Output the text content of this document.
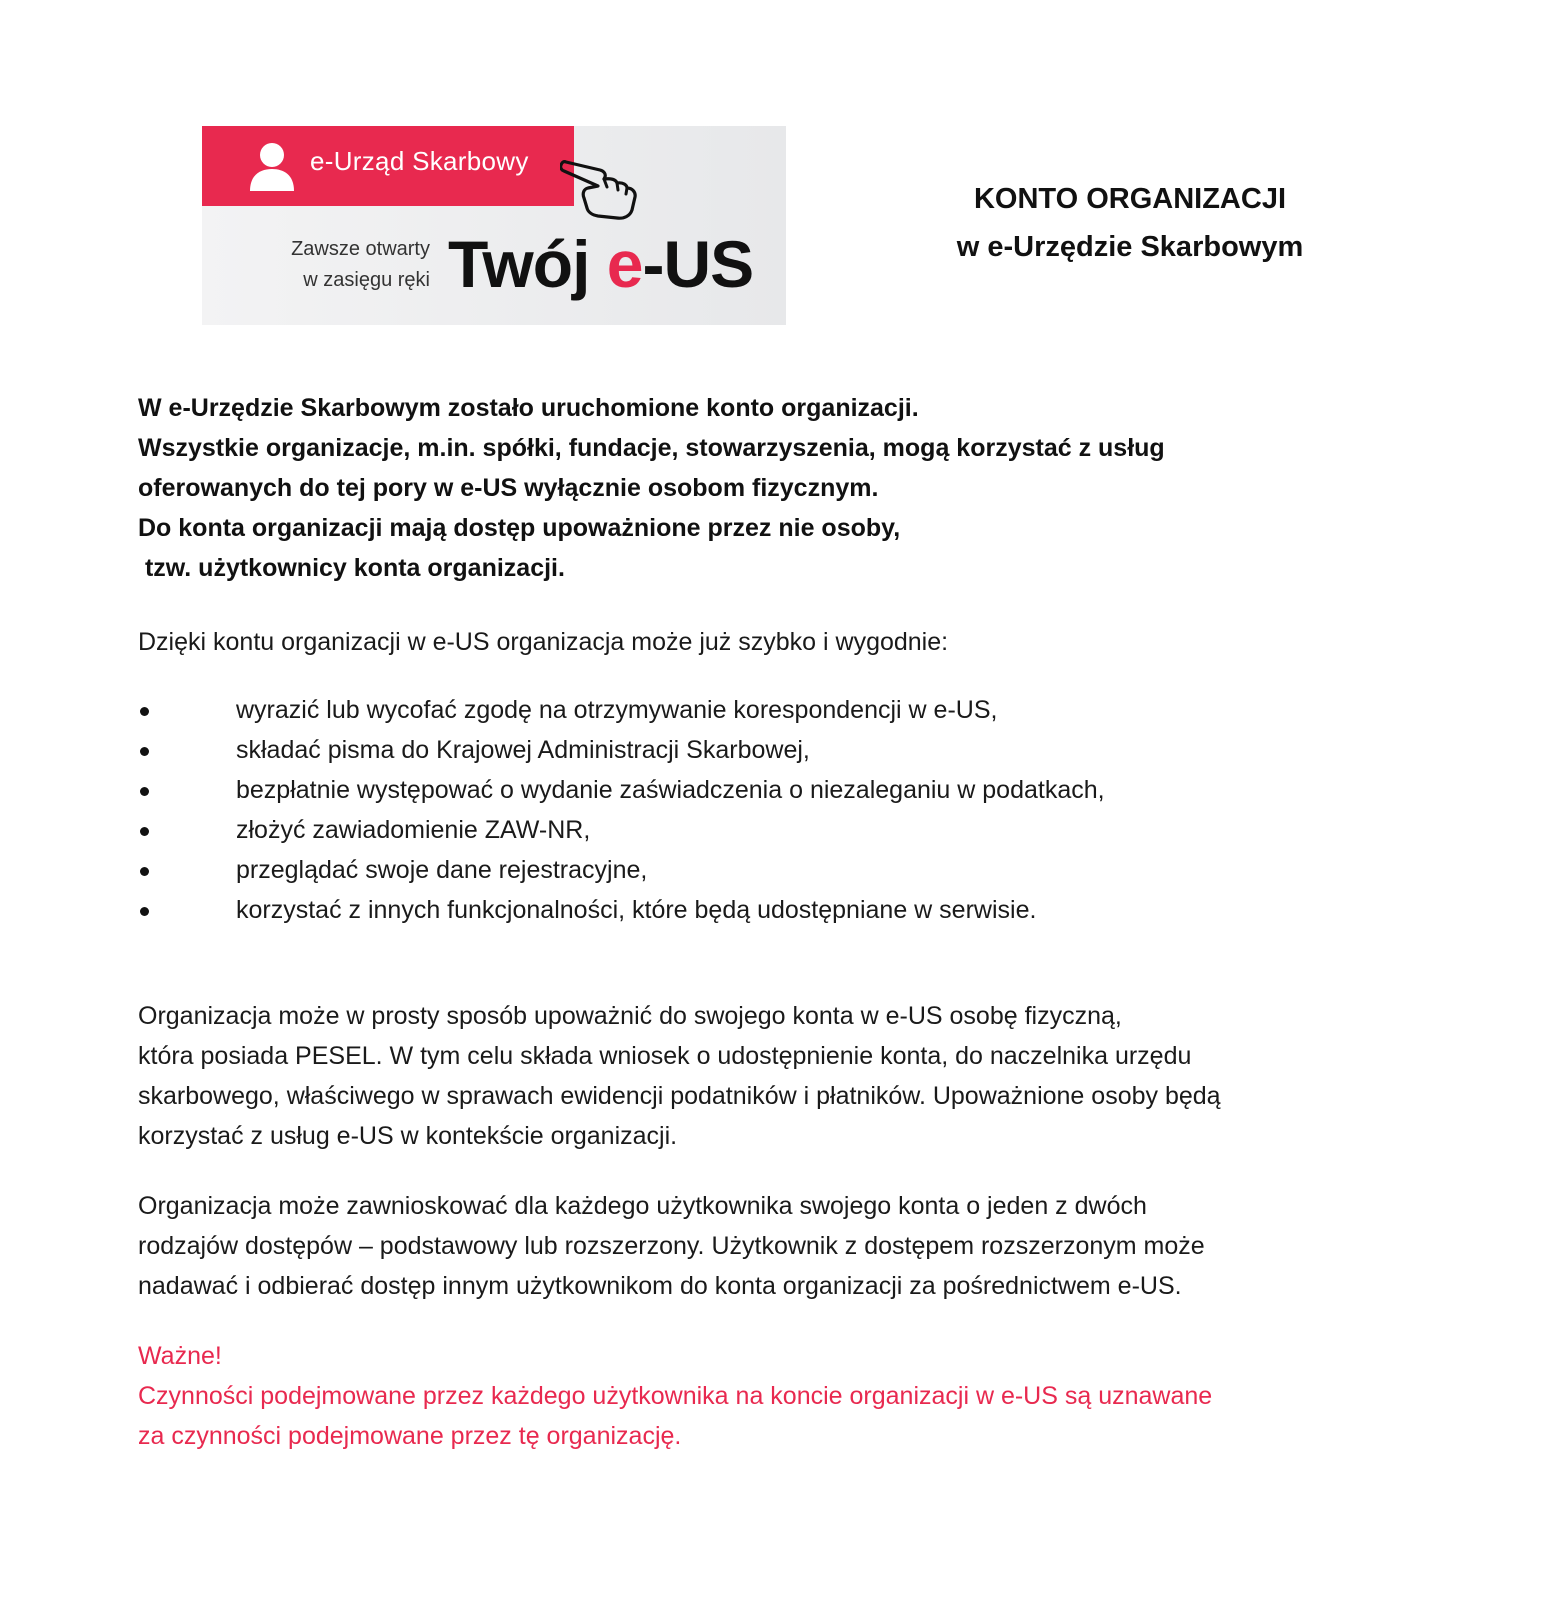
e-Urząd Skarbowy
Zawsze otwarty
w zasięgu ręki Twój e-US
KONTO ORGANIZACJI
w e-Urzędzie Skarbowym
W e-Urzędzie Skarbowym zostało uruchomione konto organizacji.
Wszystkie organizacje, m.in. spółki, fundacje, stowarzyszenia, mogą korzystać z usług
oferowanych do tej pory w e-US wyłącznie osobom fizycznym.
Do konta organizacji mają dostęp upoważnione przez nie osoby,
tzw. użytkownicy konta organizacji.
Dzięki kontu organizacji w e-US organizacja może już szybko i wygodnie:
wyrazić lub wycofać zgodę na otrzymywanie korespondencji w e-US,
składać pisma do Krajowej Administracji Skarbowej,
bezpłatnie występować o wydanie zaświadczenia o niezaleganiu w podatkach,
złożyć zawiadomienie ZAW-NR,
przeglądać swoje dane rejestracyjne,
korzystać z innych funkcjonalności, które będą udostępniane w serwisie.
Organizacja może w prosty sposób upoważnić do swojego konta w e-US osobę fizyczną,
która posiada PESEL. W tym celu składa wniosek o udostępnienie konta, do naczelnika urzędu
skarbowego, właściwego w sprawach ewidencji podatników i płatników. Upoważnione osoby będą
korzystać z usług e-US w kontekście organizacji.
Organizacja może zawnioskować dla każdego użytkownika swojego konta o jeden z dwóch
rodzajów dostępów – podstawowy lub rozszerzony. Użytkownik z dostępem rozszerzonym może
nadawać i odbierać dostęp innym użytkownikom do konta organizacji za pośrednictwem e-US.
Ważne!
Czynności podejmowane przez każdego użytkownika na koncie organizacji w e-US są uznawane
za czynności podejmowane przez tę organizację.
